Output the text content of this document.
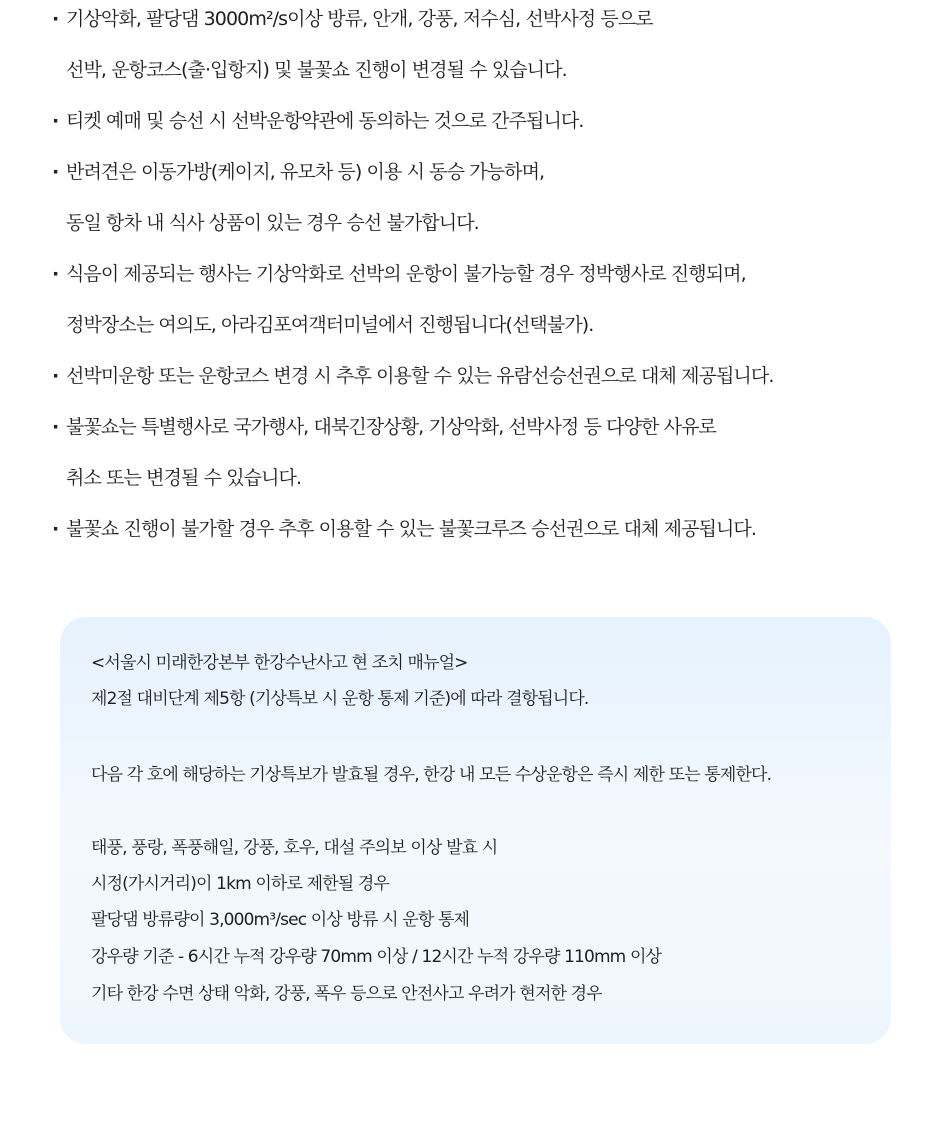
· 기상악화, 팔당댐 3000m²/s이상 방류, 안개, 강풍, 저수심, 선박사정 등으로
선박, 운항코스(출·입항지) 및 불꽃쇼 진행이 변경될 수 있습니다.
· 티켓 예매 및 승선 시 선박운항약관에 동의하는 것으로 간주됩니다.
· 반려견은 이동가방(케이지, 유모차 등) 이용 시 동승 가능하며,
동일 항차 내 식사 상품이 있는 경우 승선 불가합니다.
· 식음이 제공되는 행사는 기상악화로 선박의 운항이 불가능할 경우 정박행사로 진행되며,
정박장소는 여의도, 아라김포여객터미널에서 진행됩니다(선택불가).
· 선박미운항 또는 운항코스 변경 시 추후 이용할 수 있는 유람선승선권으로 대체 제공됩니다.
· 불꽃쇼는 특별행사로 국가행사, 대북긴장상황, 기상악화, 선박사정 등 다양한 사유로
취소 또는 변경될 수 있습니다.
· 불꽃쇼 진행이 불가할 경우 추후 이용할 수 있는 불꽃크루즈 승선권으로 대체 제공됩니다.
<서울시 미래한강본부 한강수난사고 현 조치 매뉴얼>
제2절 대비단계 제5항 (기상특보 시 운항 통제 기준)에 따라 결항됩니다.
다음 각 호에 해당하는 기상특보가 발효될 경우, 한강 내 모든 수상운항은 즉시 제한 또는 통제한다.
태풍, 풍랑, 폭풍해일, 강풍, 호우, 대설 주의보 이상 발효 시
시정(가시거리)이 1km 이하로 제한될 경우
팔당댐 방류량이 3,000m³/sec 이상 방류 시 운항 통제
강우량 기준 - 6시간 누적 강우량 70mm 이상 / 12시간 누적 강우량 110mm 이상
기타 한강 수면 상태 악화, 강풍, 폭우 등으로 안전사고 우려가 현저한 경우
